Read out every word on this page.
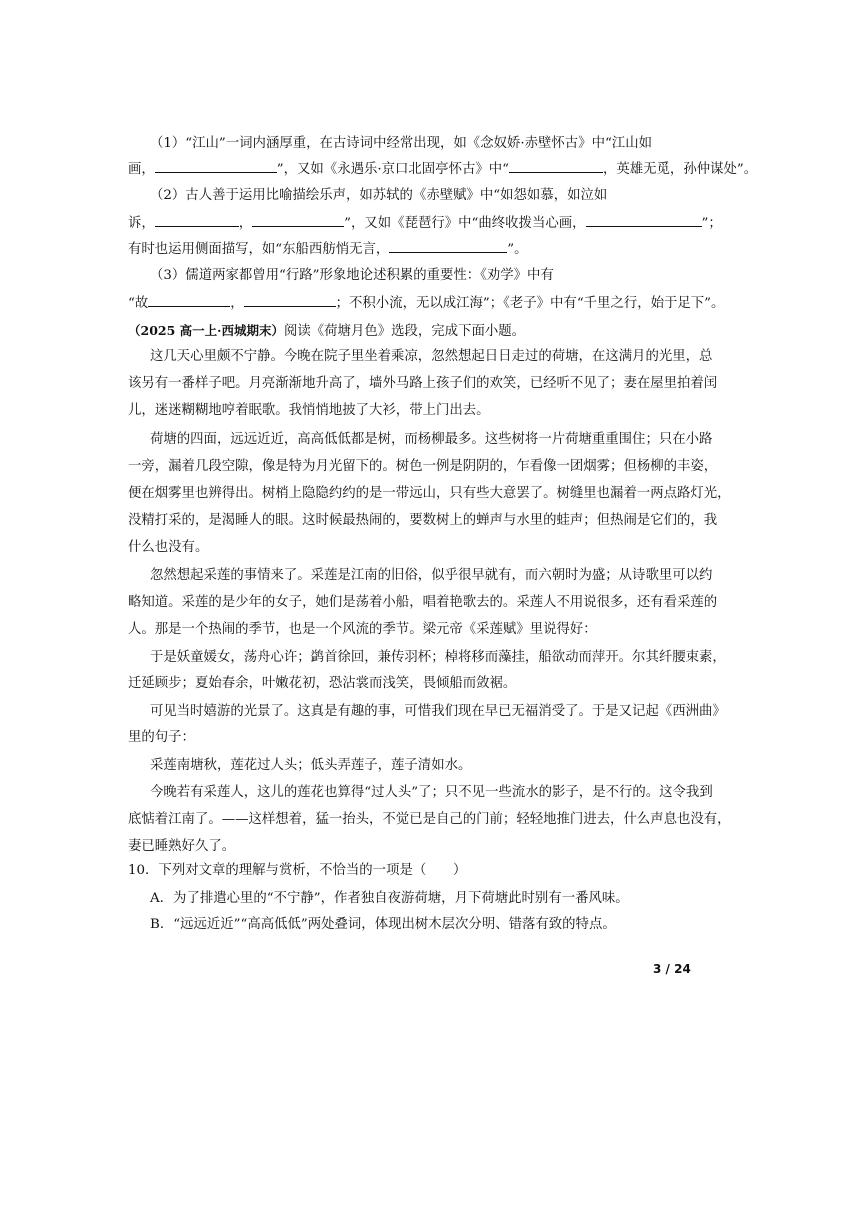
（1）“江山”一词内涵厚重，在古诗词中经常出现，如《念奴娇·赤壁怀古》中“江山如
画，	”，又如《永遇乐·京口北固亭怀古》中“	，英雄无觅，孙仲谋处”。
（2）古人善于运用比喻描绘乐声，如苏轼的《赤壁赋》中“如怨如慕，如泣如
诉，	，	”，又如《琵琶行》中“曲终收拨当心画，	”；
有时也运用侧面描写，如“东船西舫悄无言，	”。
（3）儒道两家都曾用“行路”形象地论述积累的重要性：《劝学》中有
“故	，	；不积小流，无以成江海”；《老子》中有“千里之行，始于足下”。
（2025 高一上·西城期末）阅读《荷塘月色》选段，完成下面小题。
这几天心里颇不宁静。今晚在院子里坐着乘凉，忽然想起日日走过的荷塘，在这满月的光里，总
该另有一番样子吧。月亮渐渐地升高了，墙外马路上孩子们的欢笑，已经听不见了；妻在屋里拍着闰
儿，迷迷糊糊地哼着眠歌。我悄悄地披了大衫，带上门出去。
荷塘的四面，远远近近，高高低低都是树，而杨柳最多。这些树将一片荷塘重重围住；只在小路
一旁，漏着几段空隙，像是特为月光留下的。树色一例是阴阴的，乍看像一团烟雾；但杨柳的丰姿，
便在烟雾里也辨得出。树梢上隐隐约约的是一带远山，只有些大意罢了。树缝里也漏着一两点路灯光，
没精打采的，是渴睡人的眼。这时候最热闹的，要数树上的蝉声与水里的蛙声；但热闹是它们的，我
什么也没有。
忽然想起采莲的事情来了。采莲是江南的旧俗，似乎很早就有，而六朝时为盛；从诗歌里可以约
略知道。采莲的是少年的女子，她们是荡着小船，唱着艳歌去的。采莲人不用说很多，还有看采莲的
人。那是一个热闹的季节，也是一个风流的季节。梁元帝《采莲赋》里说得好：
于是妖童媛女，荡舟心许；鹢首徐回，兼传羽杯；棹将移而藻挂，船欲动而萍开。尔其纤腰束素，
迁延顾步；夏始春余，叶嫩花初，恐沾裳而浅笑，畏倾船而敛裾。
可见当时嬉游的光景了。这真是有趣的事，可惜我们现在早已无福消受了。于是又记起《西洲曲》
里的句子：
采莲南塘秋，莲花过人头；低头弄莲子，莲子清如水。
今晚若有采莲人，这儿的莲花也算得“过人头”了；只不见一些流水的影子，是不行的。这令我到
底惦着江南了。——这样想着，猛一抬头，不觉已是自己的门前；轻轻地推门进去，什么声息也没有，
妻已睡熟好久了。
10．下列对文章的理解与赏析，不恰当的一项是（　　）
A．为了排遣心里的“不宁静”，作者独自夜游荷塘，月下荷塘此时别有一番风味。
B．“远远近近”“高高低低”两处叠词，体现出树木层次分明、错落有致的特点。
3 / 24
